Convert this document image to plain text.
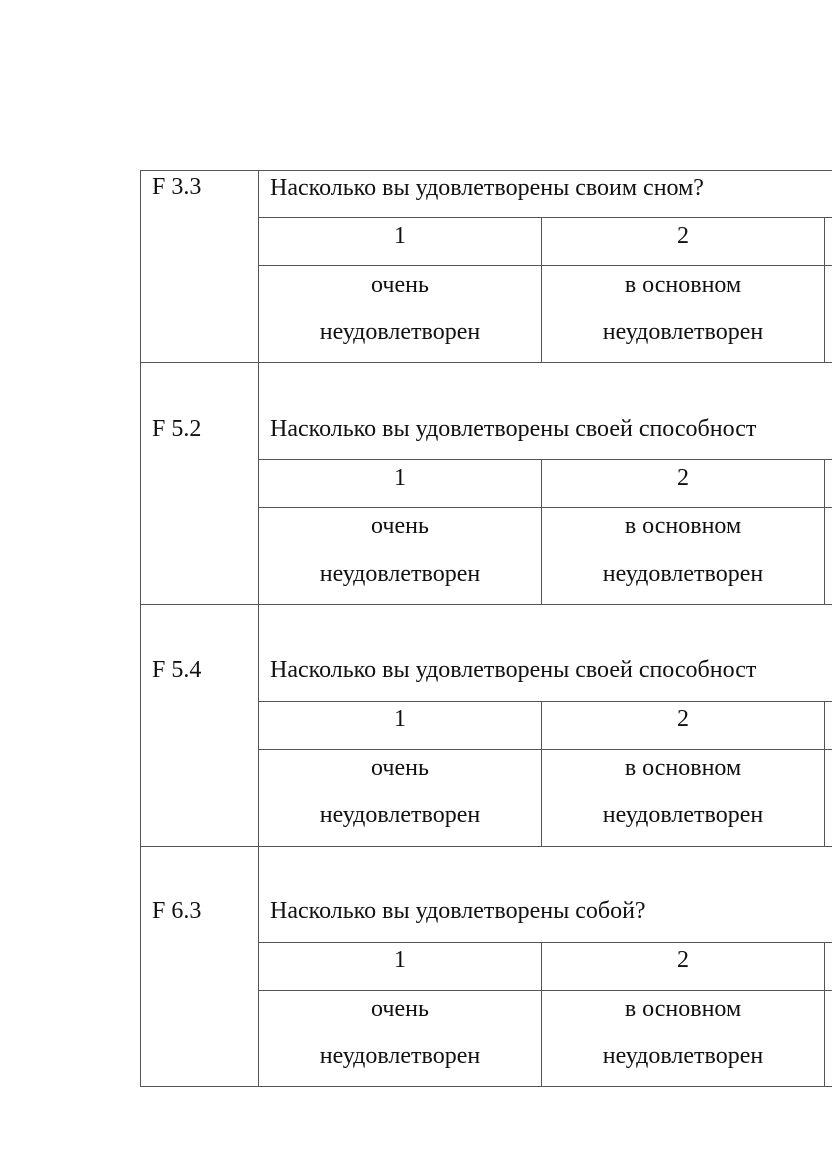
F 3.3	Насколько вы удовлетворены своим сном?
1	2
очень	в основном
неудовлетворен	неудовлетворен
F 5.2	Насколько вы удовлетворены своей способност
1	2
очень	в основном
неудовлетворен	неудовлетворен
F 5.4	Насколько вы удовлетворены своей способност
1	2
очень	в основном
неудовлетворен	неудовлетворен
F 6.3	Насколько вы удовлетворены собой?
1	2
очень	в основном
неудовлетворен	неудовлетворен
